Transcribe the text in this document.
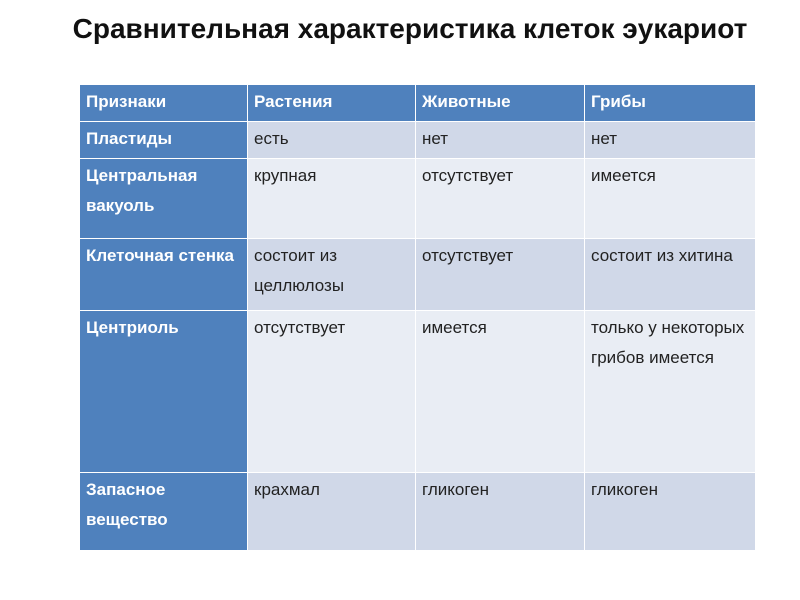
Сравнительная характеристика клеток эукариот
Признаки	Растения	Животные	Грибы
Пластиды	есть	нет	нет
Центральная вакуоль	крупная	отсутствует	имеется
Клеточная стенка	состоит из целлюлозы	отсутствует	состоит из хитина
Центриоль	отсутствует	имеется	только у некоторых грибов имеется
Запасное вещество	крахмал	гликоген	гликоген
